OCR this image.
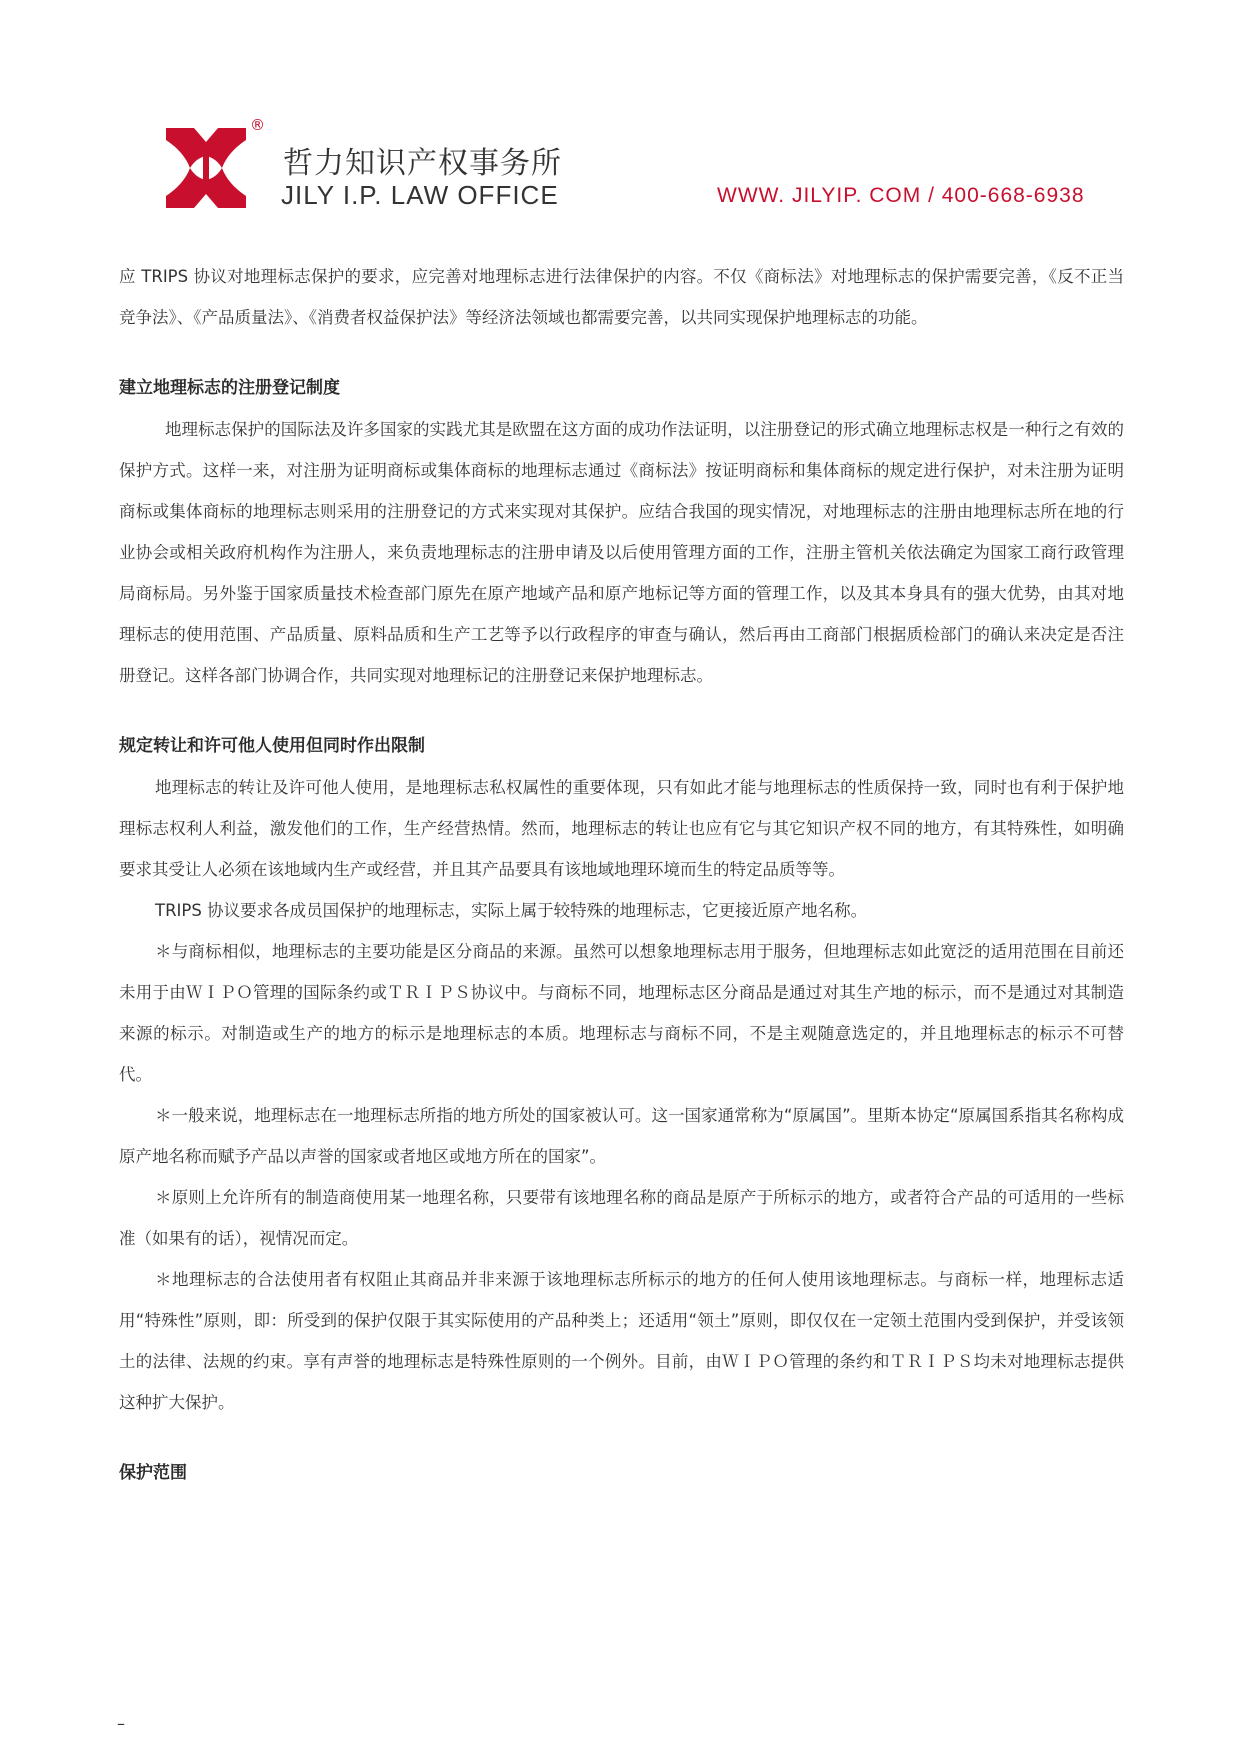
®
哲力知识产权事务所
JILY I.P. LAW OFFICE	WWW. JILYIP. COM / 400-668-6938

应 TRIPS 协议对地理标志保护的要求，应完善对地理标志进行法律保护的内容。不仅《商标法》对地理标志的保护需要完善，《反不正当竞争法》、《产品质量法》、《消费者权益保护法》等经济法领域也都需要完善，以共同实现保护地理标志的功能。

建立地理标志的注册登记制度

地理标志保护的国际法及许多国家的实践尤其是欧盟在这方面的成功作法证明，以注册登记的形式确立地理标志权是一种行之有效的保护方式。这样一来，对注册为证明商标或集体商标的地理标志通过《商标法》按证明商标和集体商标的规定进行保护，对未注册为证明商标或集体商标的地理标志则采用的注册登记的方式来实现对其保护。应结合我国的现实情况，对地理标志的注册由地理标志所在地的行业协会或相关政府机构作为注册人，来负责地理标志的注册申请及以后使用管理方面的工作，注册主管机关依法确定为国家工商行政管理局商标局。另外鉴于国家质量技术检查部门原先在原产地域产品和原产地标记等方面的管理工作，以及其本身具有的强大优势，由其对地理标志的使用范围、产品质量、原料品质和生产工艺等予以行政程序的审查与确认，然后再由工商部门根据质检部门的确认来决定是否注册登记。这样各部门协调合作，共同实现对地理标记的注册登记来保护地理标志。

规定转让和许可他人使用但同时作出限制

地理标志的转让及许可他人使用，是地理标志私权属性的重要体现，只有如此才能与地理标志的性质保持一致，同时也有利于保护地理标志权利人利益，激发他们的工作，生产经营热情。然而，地理标志的转让也应有它与其它知识产权不同的地方，有其特殊性，如明确要求其受让人必须在该地域内生产或经营，并且其产品要具有该地域地理环境而生的特定品质等等。

TRIPS 协议要求各成员国保护的地理标志，实际上属于较特殊的地理标志，它更接近原产地名称。

＊与商标相似，地理标志的主要功能是区分商品的来源。虽然可以想象地理标志用于服务，但地理标志如此宽泛的适用范围在目前还未用于由ＷＩＰＯ管理的国际条约或ＴＲＩＰＳ协议中。与商标不同，地理标志区分商品是通过对其生产地的标示，而不是通过对其制造来源的标示。对制造或生产的地方的标示是地理标志的本质。地理标志与商标不同，不是主观随意选定的，并且地理标志的标示不可替代。

＊一般来说，地理标志在一地理标志所指的地方所处的国家被认可。这一国家通常称为“原属国”。里斯本协定“原属国系指其名称构成原产地名称而赋予产品以声誉的国家或者地区或地方所在的国家”。

＊原则上允许所有的制造商使用某一地理名称，只要带有该地理名称的商品是原产于所标示的地方，或者符合产品的可适用的一些标准（如果有的话），视情况而定。

＊地理标志的合法使用者有权阻止其商品并非来源于该地理标志所标示的地方的任何人使用该地理标志。与商标一样，地理标志适用“特殊性”原则，即：所受到的保护仅限于其实际使用的产品种类上；还适用“领土”原则，即仅仅在一定领土范围内受到保护，并受该领土的法律、法规的约束。享有声誉的地理标志是特殊性原则的一个例外。目前，由ＷＩＰＯ管理的条约和ＴＲＩＰＳ均未对地理标志提供这种扩大保护。

保护范围

–
